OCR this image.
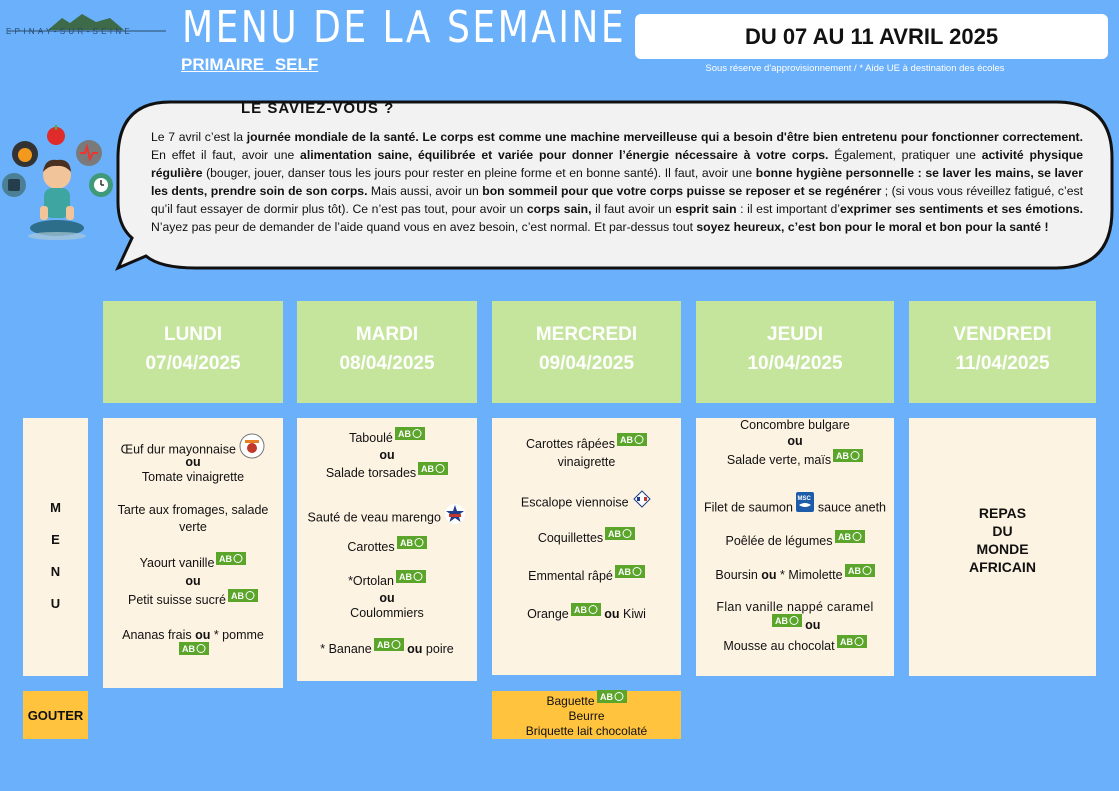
EPINAY-SUR-SEINE	MENU DE LA SEMAINE
PRIMAIRE SELF
DU 07 AU 11 AVRIL 2025
Sous réserve d'approvisionnement / * Aide UE à destination des écoles
LE SAVIEZ-VOUS ?
Le 7 avril c’est la journée mondiale de la santé. Le corps est comme une machine merveilleuse qui a besoin d'être bien entretenu pour fonctionner correctement. En effet il faut, avoir une alimentation saine, équilibrée et variée pour donner l’énergie nécessaire à votre corps. Également, pratiquer une activité physique régulière (bouger, jouer, danser tous les jours pour rester en pleine forme et en bonne santé). Il faut, avoir une bonne hygiène personnelle : se laver les mains, se laver les dents, prendre soin de son corps. Mais aussi, avoir un bon sommeil pour que votre corps puisse se reposer et se regénérer ; (si vous vous réveillez fatigué, c’est qu’il faut essayer de dormir plus tôt). Ce n’est pas tout, pour avoir un corps sain, il faut avoir un esprit sain : il est important d’exprimer ses sentiments et ses émotions. N’ayez pas peur de demander de l’aide quand vous en avez besoin, c’est normal. Et par-dessus tout soyez heureux, c’est bon pour le moral et bon pour la santé !
LUNDI
07/04/2025
MARDI
08/04/2025
MERCREDI
09/04/2025
JEUDI
10/04/2025
VENDREDI
11/04/2025
M
E
N
U
Œuf dur mayonnaise
ou
Tomate vinaigrette
Tarte aux fromages, salade verte
Yaourt vanille AB
ou
Petit suisse sucré AB
Ananas frais ou * pomme
AB
Taboulé AB
ou
Salade torsades AB
Sauté de veau marengo
Carottes AB
*Ortolan AB
ou
Coulommiers
* Banane AB ou poire
Carottes râpées AB
vinaigrette
Escalope viennoise
Coquillettes AB
Emmental râpé AB
Orange AB ou Kiwi
Concombre bulgare
ou
Salade verte, maïs AB
Filet de saumon
MSC
sauce aneth
Poêlée de légumes AB
Boursin ou * Mimolette AB
Flan vanille nappé caramel
AB ou
Mousse au chocolat AB
REPAS
DU
MONDE
AFRICAIN
GOUTER
Baguette AB
Beurre
Briquette lait chocolaté
